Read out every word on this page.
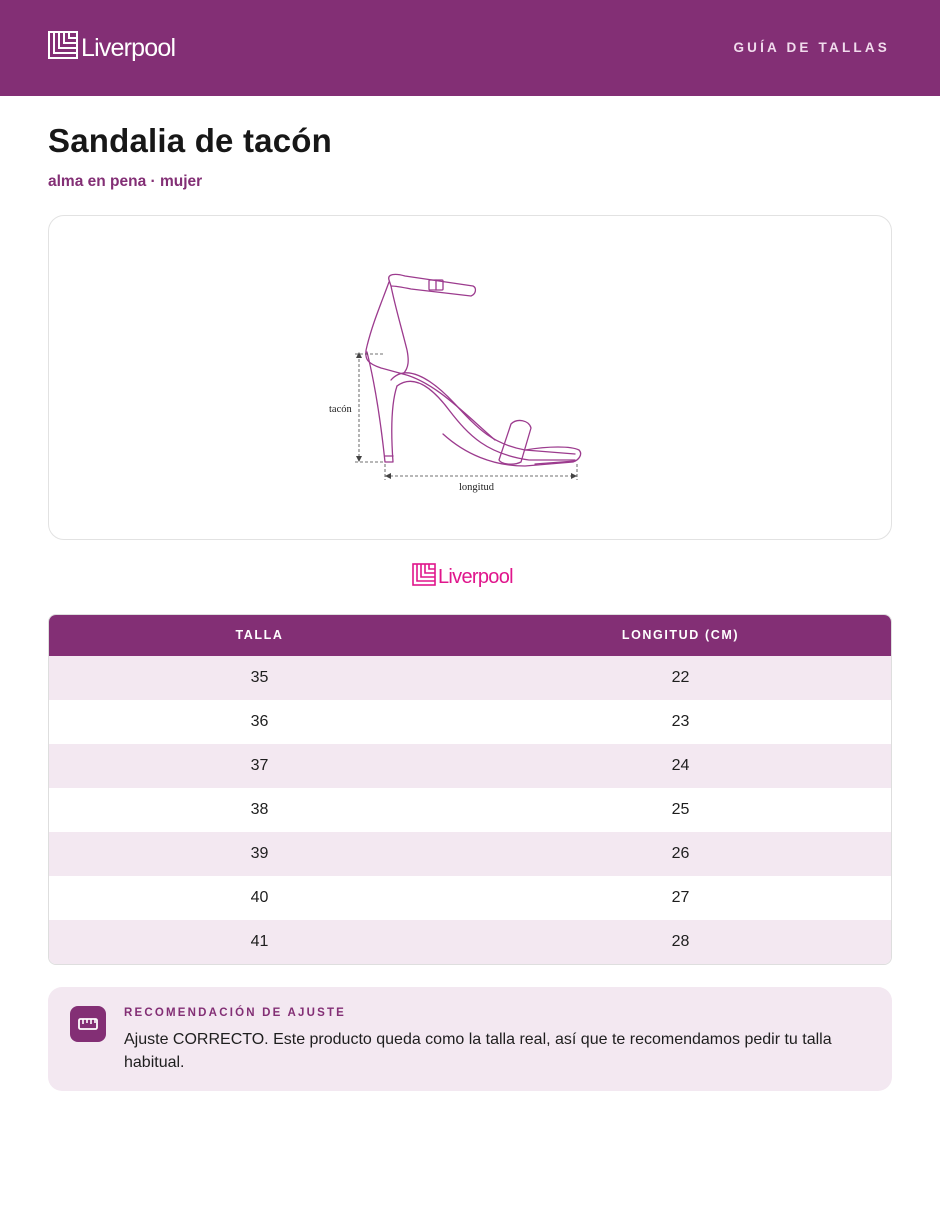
Liverpool	GUÍA DE TALLAS
Sandalia de tacón
alma en pena · mujer
tacón
longitud
Liverpool
TALLA	LONGITUD (CM)
35	22
36	23
37	24
38	25
39	26
40	27
41	28
RECOMENDACIÓN DE AJUSTE

Ajuste CORRECTO. Este producto queda como la talla real, así que te recomendamos pedir tu talla habitual.
